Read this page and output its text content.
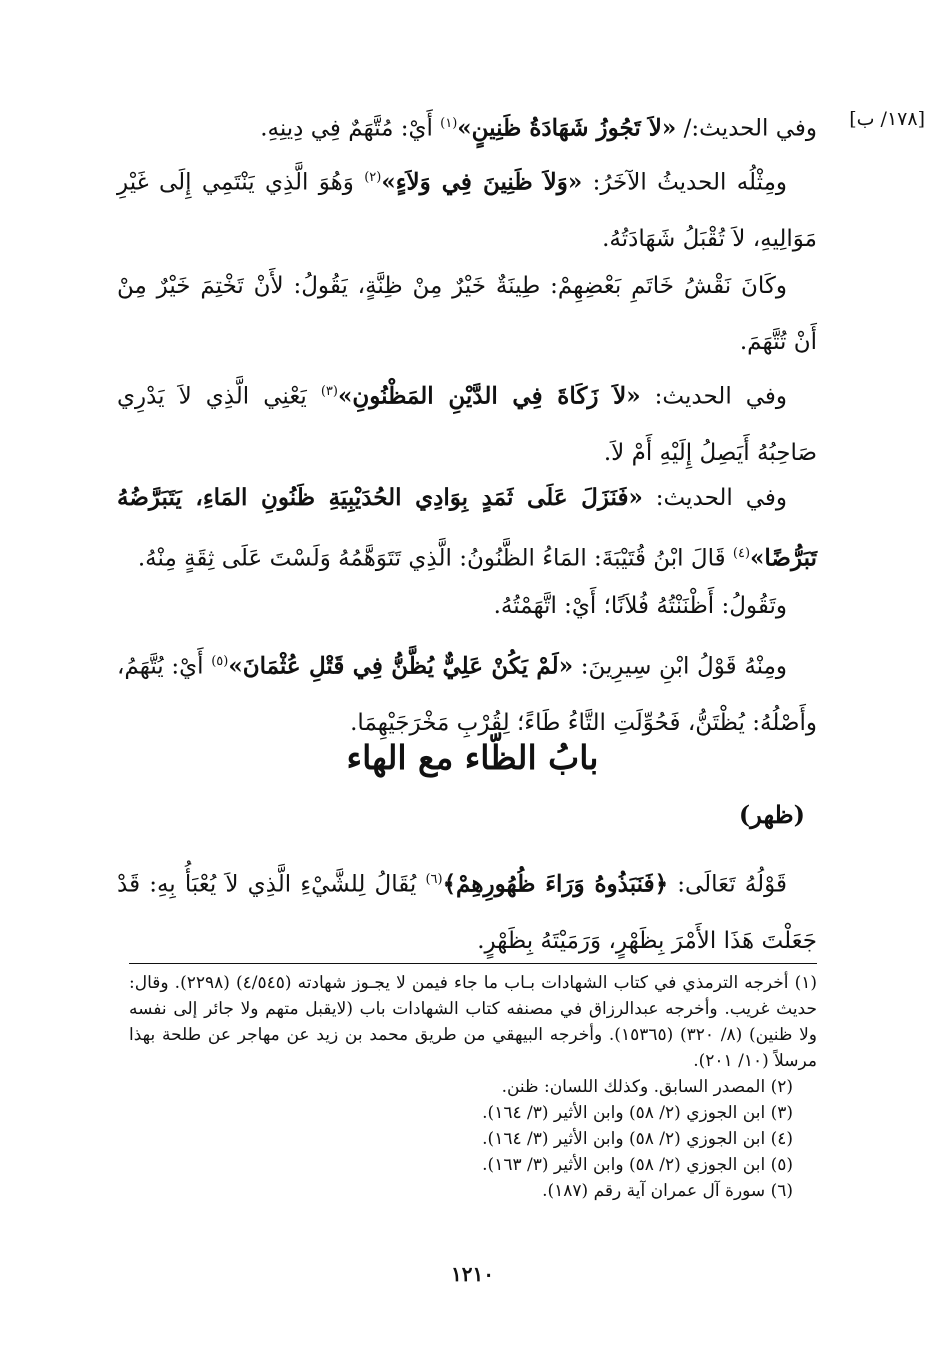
[١٧٨/ ب]

وفي الحديث:/ «لاَ تَجُوزُ شَهَادَةُ ظَنِينٍ»$^{(١)}$ أَيْ: مُتَّهَمٌ فِي دِينِهِ.

ومِثْلُه الحديثُ الآخَرُ: «وَلاَ ظَنِينَ فِي وَلاَءٍ»$^{(٢)}$ وَهُوَ الَّذِي يَنْتَمِي إِلَى غَيْرِ مَوَالِيهِ، لاَ تُقْبَلُ شَهَادَتُهُ.

وكَانَ نَقْشُ خَاتَمِ بَعْضِهِمْ: طِينَةٌ خَيْرٌ مِنْ ظِنَّةٍ، يَقُولُ: لأَنْ تَخْتِمَ خَيْرٌ مِنْ أَنْ تُتَّهَمَ.

وفي الحديث: «لاَ زَكَاةَ فِي الدَّيْنِ المَظْنُونِ»$^{(٣)}$ يَعْنِي الَّذِي لاَ يَدْرِي صَاحِبُهُ أَيَصِلُ إِلَيْهِ أَمْ لاَ.

وفي الحديث: «فَنَزَلَ عَلَى ثَمَدٍ بِوَادِي الحُدَيْبِيَةِ ظَنُونِ المَاءِ، يَتَبَرَّضُهُ تَبَرُّضًا»$^{(٤)}$ قَالَ ابْنُ قُتَيْبَةَ: المَاءُ الظَّنُونُ: الَّذِي تَتَوَهَّمُهُ وَلَسْتَ عَلَى ثِقَةٍ مِنْهُ.

وتَقُولُ: أَظْنَنْتُهُ فُلاَنًا؛ أَيْ: اتَّهَمْتُهُ.

ومِنْهُ قَوْلُ ابْنِ سِيرِينَ: «لَمْ يَكُنْ عَلِيٌّ يُظَّنُّ فِي قَتْلِ عُثْمَانَ»$^{(٥)}$ أَيْ: يُتَّهَمُ، وأَصْلُهُ: يُظْتَنُّ، فَحُوِّلَتِ التَّاءُ طَاءً؛ لِقُرْبِ مَخْرَجَيْهِمَا.

بابُ الظّاء مع الهاء
(ظهر)

قَوْلُهُ تَعَالَى: ﴿فَنَبَذُوهُ وَرَاءَ ظُهُورِهِمْ﴾$^{(٦)}$ يُقَالُ لِلشَّيْءِ الَّذِي لاَ يُعْبَأُ بِهِ: قَدْ جَعَلْتَ هَذَا الأَمْرَ بِظَهْرٍ، وَرَمَيْتَهُ بِظَهْرٍ.

(١) أخرجه الترمذي في كتاب الشهادات بـاب ما جاء فيمن لا يجـوز شهادته (٤/٥٤٥) (٢٢٩٨). وقال: حديث غريب. وأخرجه عبدالرزاق في مصنفه كتاب الشهادات باب (لايقبل متهم ولا جائر إلى نفسه ولا ظنين) (٨/ ٣٢٠) (١٥٣٦٥). وأخرجه البيهقي من طريق محمد بن زيد عن مهاجر عن طلحة بهذا مرسلاً (١٠/ ٢٠١).

(٢) المصدر السابق. وكذلك اللسان: ظنن.

(٣) ابن الجوزي (٢/ ٥٨) وابن الأثير (٣/ ١٦٤).

(٤) ابن الجوزي (٢/ ٥٨) وابن الأثير (٣/ ١٦٤).

(٥) ابن الجوزي (٢/ ٥٨) وابن الأثير (٣/ ١٦٣).

(٦) سورة آل عمران آية رقم (١٨٧).

١٢١٠
